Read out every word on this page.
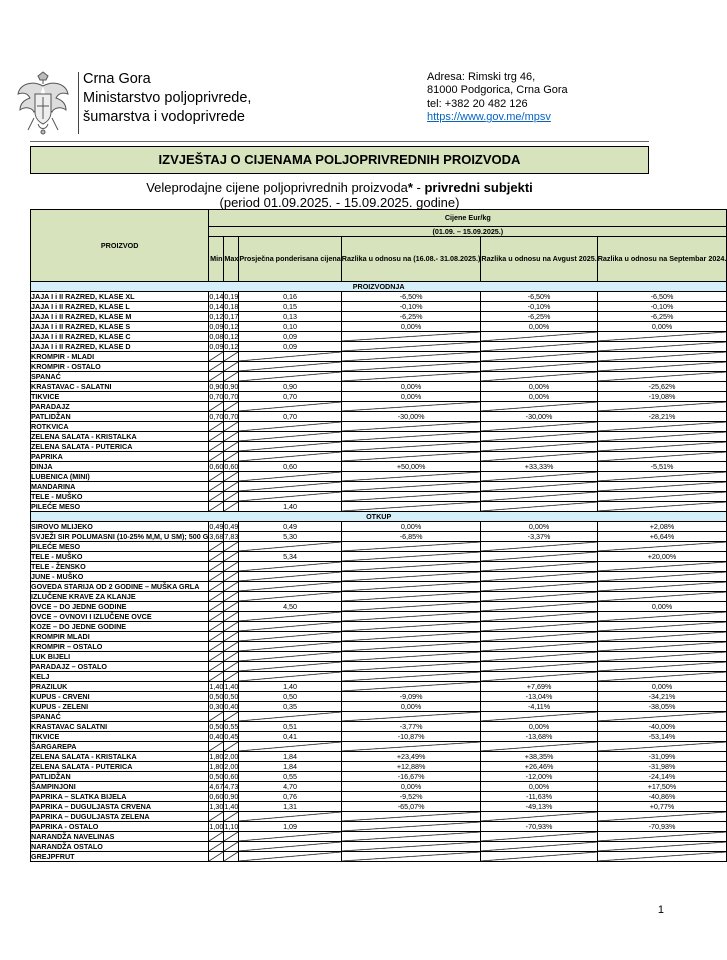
Crna Gora
Ministarstvo poljoprivrede,
šumarstva i vodoprivrede
Adresa: Rimski trg 46,
81000 Podgorica, Crna Gora
tel: +382 20 482 126
https://www.gov.me/mpsv
IZVJEŠTAJ O CIJENAMA POLJOPRIVREDNIH PROIZVODA
Veleprodajne cijene poljoprivrednih proizvoda* - privredni subjekti
(period 01.09.2025. - 15.09.2025. godine)
PROIZVOD	Cijene Eur/kg					
	(01.09. – 15.09.2025.)					
	Min	Max	Prosječna ponderisana cijena	Razlika u odnosu na (16.08.- 31.08.2025.)	Razlika u odnosu na Avgust 2025.	Razlika u odnosu na Septembar 2024.
PROIZVODNJA						
JAJA I i II RAZRED, KLASE XL	0,14	0,19	0,16	-6,50%	-6,50%	-6,50%
JAJA I i II RAZRED, KLASE L	0,14	0,18	0,15	-0,10%	-0,10%	-0,10%
JAJA I i II RAZRED, KLASE M	0,12	0,17	0,13	-6,25%	-6,25%	-6,25%
JAJA I i II RAZRED, KLASE S	0,09	0,12	0,10	0,00%	0,00%	0,00%
JAJA I i II RAZRED, KLASE C	0,08	0,12	0,09			
JAJA I i II RAZRED, KLASE D	0,09	0,12	0,09			
KROMPIR - MLADI						
KROMPIR - OSTALO						
SPANAĆ						
KRASTAVAC - SALATNI	0,90	0,90	0,90	0,00%	0,00%	-25,62%
TIKVICE	0,70	0,70	0,70	0,00%	0,00%	-19,08%
PARADAJZ						
PATLIDŽAN	0,70	0,70	0,70	-30,00%	-30,00%	-28,21%
ROTKVICA						
ZELENA SALATA - KRISTALKA						
ZELENA SALATA - PUTERICA						
PAPRIKA						
DINJA	0,60	0,60	0,60	+50,00%	+33,33%	-5,51%
LUBENICA (MINI)						
MANDARINA						
TELE - MUŠKO						
PILEĆE MESO			1,40			
OTKUP						
SIROVO MLIJEKO	0,49	0,49	0,49	0,00%	0,00%	+2,08%
SVJEŽI SIR POLUMASNI (10-25% M,M, U SM); 500 G	3,68	7,83	5,30	-6,85%	-3,37%	+6,64%
PILEĆE MESO						
TELE - MUŠKO			5,34			+20,00%
TELE - ŽENSKO						
JUNE - MUŠKO						
GOVEDA STARIJA OD 2 GODINE – MUŠKA GRLA						
IZLUČENE KRAVE ZA KLANJE						
OVCE – DO JEDNE GODINE			4,50			0,00%
OVCE – OVNOVI I IZLUČENE OVCE						
KOZE – DO JEDNE GODINE						
KROMPIR MLADI						
KROMPIR – OSTALO						
LUK BIJELI						
PARADAJZ – OSTALO						
KELJ						
PRAZILUK	1,40	1,40	1,40		+7,69%	0,00%
KUPUS - CRVENI	0,50	0,50	0,50	-9,09%	-13,04%	-34,21%
KUPUS - ZELENI	0,30	0,40	0,35	0,00%	-4,11%	-38,05%
SPANAĆ						
KRASTAVAC SALATNI	0,50	0,55	0,51	-3,77%	0,00%	-40,00%
TIKVICE	0,40	0,45	0,41	-10,87%	-13,68%	-53,14%
ŠARGAREPA						
ZELENA SALATA - KRISTALKA	1,80	2,00	1,84	+23,49%	+38,35%	-31,09%
ZELENA SALATA - PUTERICA	1,80	2,00	1,84	+12,88%	+26,46%	-31,98%
PATLIDŽAN	0,50	0,60	0,55	-16,67%	-12,00%	-24,14%
ŠAMPINJONI	4,67	4,73	4,70	0,00%	0,00%	+17,50%
PAPRIKA – SLATKA BIJELA	0,60	0,90	0,76	-9,52%	-11,63%	-40,86%
PAPRIKA – DUGULJASTA CRVENA	1,30	1,40	1,31	-65,07%	-49,13%	+0,77%
PAPRIKA – DUGULJASTA ZELENA						
PAPRIKA - OSTALO	1,00	1,10	1,09		-70,93%	-70,93%
NARANDŽA NAVELINAS						
NARANDŽA OSTALO						
GREJPFRUT						
1
